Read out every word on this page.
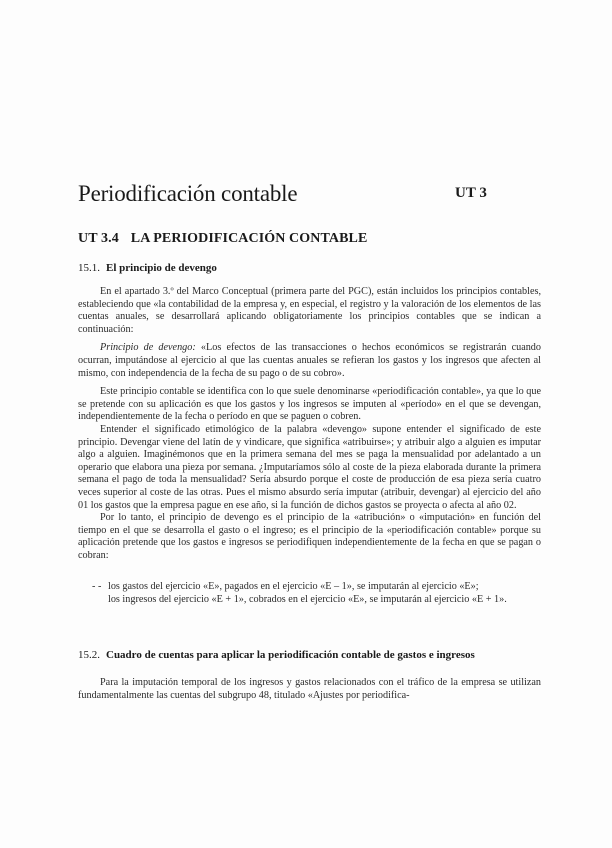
Periodificación contable	UT 3
UT 3.4 LA PERIODIFICACIÓN CONTABLE
15.1. El principio de devengo

En el apartado 3.º del Marco Conceptual (primera parte del PGC), están incluidos los principios contables, estableciendo que «la contabilidad de la empresa y, en especial, el registro y la valoración de los elementos de las cuentas anuales, se desarrollará aplicando obligatoriamente los principios contables que se indican a continuación:

Principio de devengo: «Los efectos de las transacciones o hechos económicos se registrarán cuando ocurran, imputándose al ejercicio al que las cuentas anuales se refieran los gastos y los ingresos que afecten al mismo, con independencia de la fecha de su pago o de su cobro».

Este principio contable se identifica con lo que suele denominarse «periodificación contable», ya que lo que se pretende con su aplicación es que los gastos y los ingresos se imputen al «período» en el que se devengan, independientemente de la fecha o período en que se paguen o cobren.

Entender el significado etimológico de la palabra «devengo» supone entender el significado de este principio. Devengar viene del latín de y vindicare, que significa «atribuirse»; y atribuir algo a alguien es imputar algo a alguien. Imaginémonos que en la primera semana del mes se paga la mensualidad por adelantado a un operario que elabora una pieza por semana. ¿Imputaríamos sólo al coste de la pieza elaborada durante la primera semana el pago de toda la mensualidad? Sería absurdo porque el coste de producción de esa pieza sería cuatro veces superior al coste de las otras. Pues el mismo absurdo sería imputar (atribuir, devengar) al ejercicio del año 01 los gastos que la empresa pague en ese año, si la función de dichos gastos se proyecta o afecta al año 02.

Por lo tanto, el principio de devengo es el principio de la «atribución» o «imputación» en función del tiempo en el que se desarrolla el gasto o el ingreso; es el principio de la «periodificación contable» porque su aplicación pretende que los gastos e ingresos se periodifiquen independientemente de la fecha en que se pagan o cobran:

- - los gastos del ejercicio «E», pagados en el ejercicio «E – 1», se imputarán al ejercicio «E»;
los ingresos del ejercicio «E + 1», cobrados en el ejercicio «E», se imputarán al ejercicio «E + 1».
15.2. Cuadro de cuentas para aplicar la periodificación contable de gastos e ingresos

Para la imputación temporal de los ingresos y gastos relacionados con el tráfico de la empresa se utilizan fundamentalmente las cuentas del subgrupo 48, titulado «Ajustes por periodifica-
